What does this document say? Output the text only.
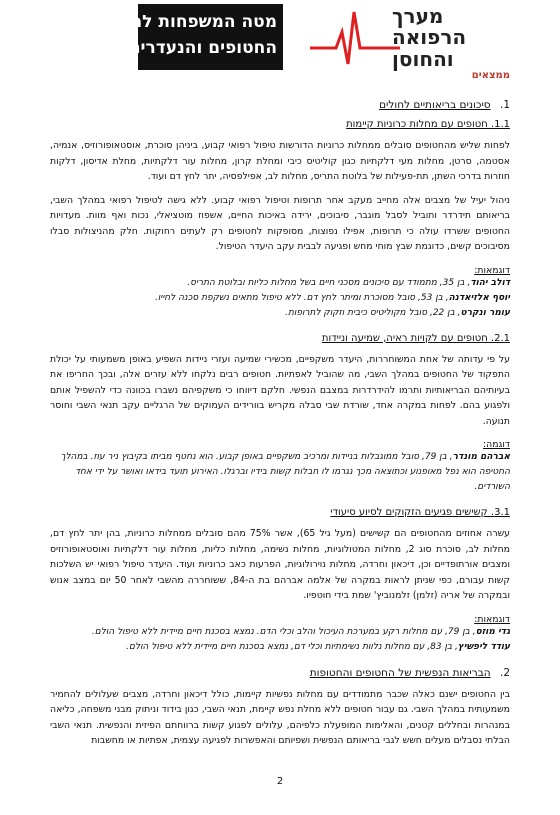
מערך
הרפואה
והחוסן
מטה המשפחות להחזרת
החטופים והנעדרים
ממצאים
1. סיכונים בריאותיים לחולים
1.1. חטופים עם מחלות כרוניות קיימות

לפחות שליש מהחטופים סובלים ממחלות כרוניות הדורשות טיפול רפואי קבוע, ביניהן סוכרת, אוסטאופורוזיס, אנמיה, אסטמה, סרטן, מחלות מעי דלקתיות כגון קוליטיס כיבי ומחלת קרון, מחלות עור דלקתיות, מחלת אדיסון, דלקות חוזרות בדרכי השתן, תת-פעילות של בלוטת התריס, מחלות לב, אפילפסיה, יתר לחץ דם ועוד.

ניהול יעיל של מצבים אלה מחייב מעקב אחר תרופות וטיפול רפואי קבוע. ללא גישה לטיפול רפואי במהלך השבי, בריאותם תידרדר ותוביל לסבל מוגבר, סיבוכים, ירידה באיכות החיים, אשפוז מוטציאלי, נכות ואף מוות. מעדויות החטופים ששרדו עולה כי תרופות, אפילו נפוצות, מסופקות לחטופים רק לעתים רחוקות. חלק מהניצולות סבלו מסיבוכים קשים, כדוגמת שבץ מוחי מחש ופגיעה לבבית עקב היעדר הטיפול.

דוגמאות:
דולב יהוד, בן 35, מתמודד עם סיכונים מסכני חיים בשל מחלות כליות ובלוטת התריס.
יוסף אלזיאדנה, בן 53, סובל מסוכרת ומיתר לחץ דם. ללא טיפול מתאים נשקפת סכנה לחייו.
עומר ונקרט, בן 22, סובל מקוליטיס כיבית וזקוק לתרופות.
2.1. חטופים עם לקויות ראיה, שמיעה וניידות

על פי עדותה של אחת המשוחררות, היעדר משקפיים, מכשירי שמיעה ועזרי ניידות השפיע באופן משמעותי על יכולת התפקוד של החטופים במהלך השבי, מה שהוביל לאפתיות. חטופים רבים נלקחו ללא עזרים אלה, ובכך החריפו את בעיותיהם הבריאותיות ותרמו להידרדרות במצבם הנפשי. חלקם דיווחו כי משקפיהם נשברו בכוונה כדי להשפיל אותם ולפגוע בהם. לפחות במקרה אחד, שורדת שבי סבלה מקריש בוורידים העמוקים של הרגליים עקב תנאי השבי וחוסר תנועה.

דוגמה:
אברהם מונדר, בן 79, סובל ממוגבלות בניידות ומרכיב משקפיים באופן קבוע. הוא נחטף מביתו בקיבוץ ניר עוז. במהלך החטיפה הוא נפל מאופנוע וכתוצאה מכך נגרמו לו חבלות קשות בידיו וברגלו. האירוע תועד בידאו ואושר על ידי אחד השורדים.
3.1. קשישים פגיעים הזקוקים לסיוע סיעודי

עשרה אחוזים מהחטופים הם קשישים (מעל גיל 65), אשר 75% מהם סובלים ממחלות כרוניות, בהן יתר לחץ דם, מחלות לב, סוכרת סוג 2, מחלות המטולוגיות, מחלות נשימה, מחלות כליות, מחלות עור דלקתיות ואוסטאופורוזיס ומצבים אורתופדיים וכן, דיכאון וחרדה, מחלות נוירולוגיות, הפרעות כאב כרוניות ועוד. היעדר טיפול רפואי יש השלכות קשות עבורם, כפי שניתן לראות במקרה של אלמה אברהם בת ה-84, ששוחררה מהשבי לאחר 50 יום במצב אנוש ובמקרה של אריה (זלמן) זלמנוביץ' שמת בידי חוטפיו.

דוגמאות:
גדי מוזס, בן 79, עם מחלות רקע במערכת העיכול והלב וכלי הדם. נמצא בסכנת חיים מיידית ללא טיפול הולם.
עודד ליפשיץ, בן 83, עם מחלות נלוות נשימתיות וכלי דם, נמצא בסכנת חיים מיידית ללא טיפול הולם.
2. הבריאות הנפשית של החטופים והחטופות

בין החטופים ישנם כאלה שכבר מתמודדים עם מחלות נפשיות קיימות, כולל דיכאון וחרדה, מצבים שעלולים להחמיר משמעותית במהלך השבי. גם עבור חטופים ללא מחלת נפש קיימת, תנאי השבי, כגון בידוד וניתוק מבני משפחה, כליאה במנהרות ובחללים קטנים, והאלימות המופעלת כלפיהם, עלולים לפגוע קשות ברווחתם הפיזית והנפשית. תנאי השבי הבלתי נסבלים מעלים חשש לגבי בריאותם הנפשית ושפיותם והאפשרות לפגיעה עצמית, אפתיות או מחשבות

2
